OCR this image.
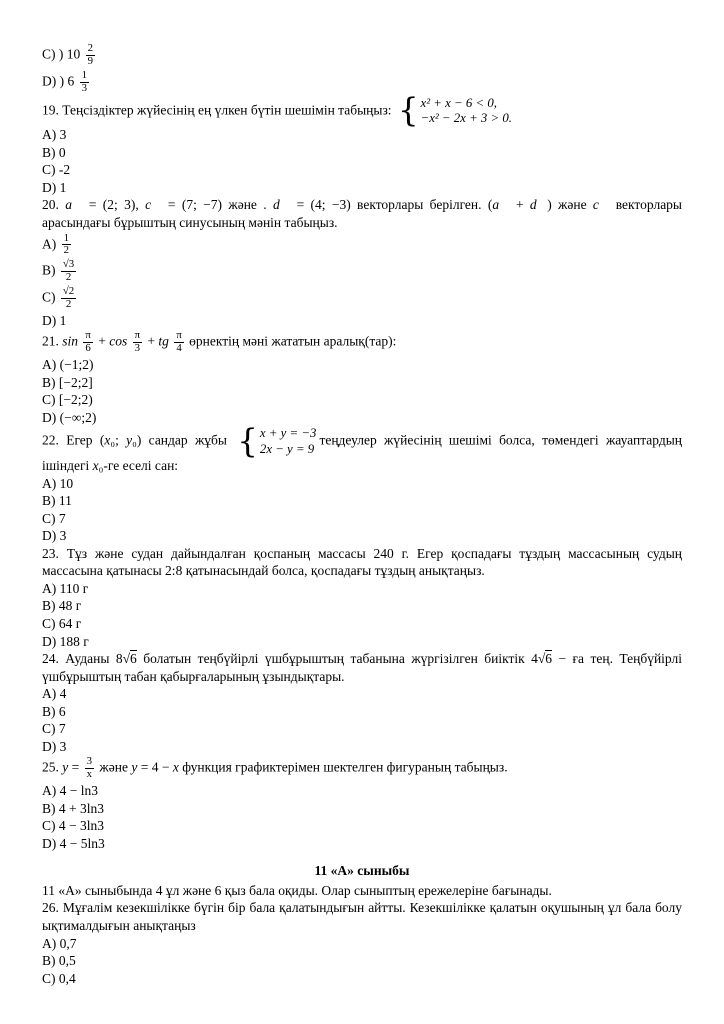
C) ) $10 \frac{2}{9}$
D) ) $6 \frac{1}{3}$
19. Теңсіздіктер жүйесінің ең үлкен бүтін шешімін табыңыз: { x² + x − 6 < 0,
−x² − 2x + 3 > 0.
A) 3
B) 0
C) -2
D) 1
20. а⃗ = (2; 3), с⃗ = (7; −7) және . d⃗ = (4; −3) векторлары берілген. (а⃗ + d⃗) және с⃗ векторлары арасындағы бұрыштың синусының мәнін табыңыз.
$A) \frac{1}{2}$
$B) \frac{√3}{2}$
$C) \frac{√2}{2}$
D) 1
21. $\sin \frac{\pi}{6} + \cos \frac{\pi}{3}$ + tg $\frac{\pi}{4}$ өрнектің мәні жататын аралық(тар):
A) (−1;2)
B) [−2;2]
C) [−2;2)
D) (−∞;2)
22. Егер (x₀; y₀) сандар жұбы { x + y = −3
2x − y = 9
теңдеулер жүйесінің шешімі болса, төмендегі жауаптардың ішіндегі x₀-ге еселі сан:
A) 10
B) 11
C) 7
D) 3
23. Тұз және судан дайындалған қоспаның массасы 240 г. Егер қоспадағы тұздың массасының судың массасына қатынасы 2:8 қатынасындай болса, қоспадағы тұздың анықтаңыз.
A) 110 г
B) 48 г
C) 64 г
D) 188 г
24. Ауданы 8√6 болатын теңбүйірлі үшбұрыштың табанына жүргізілген биіктік 4√6 − ға тең. Теңбүйірлі үшбұрыштың табан қабырғаларының ұзындықтары.
A) 4
B) 6
C) 7
D) 3
25. $y = \frac{3}{x}$ және y = 4 − x функция графиктерімен шектелген фигураның табыңыз.
A) 4 − ln3
B) 4 + 3ln3
C) 4 − 3ln3
D) 4 − 5ln3
11 «А» сыныбы
11 «А» сыныбында 4 ұл және 6 қыз бала оқиды. Олар сыныптың ережелеріне бағынады.
26. Мұғалім кезекшілікке бүгін бір бала қалатындығын айтты. Кезекшілікке қалатын оқушының ұл бала болу ықтималдығын анықтаңыз
A) 0,7
B) 0,5
C) 0,4
